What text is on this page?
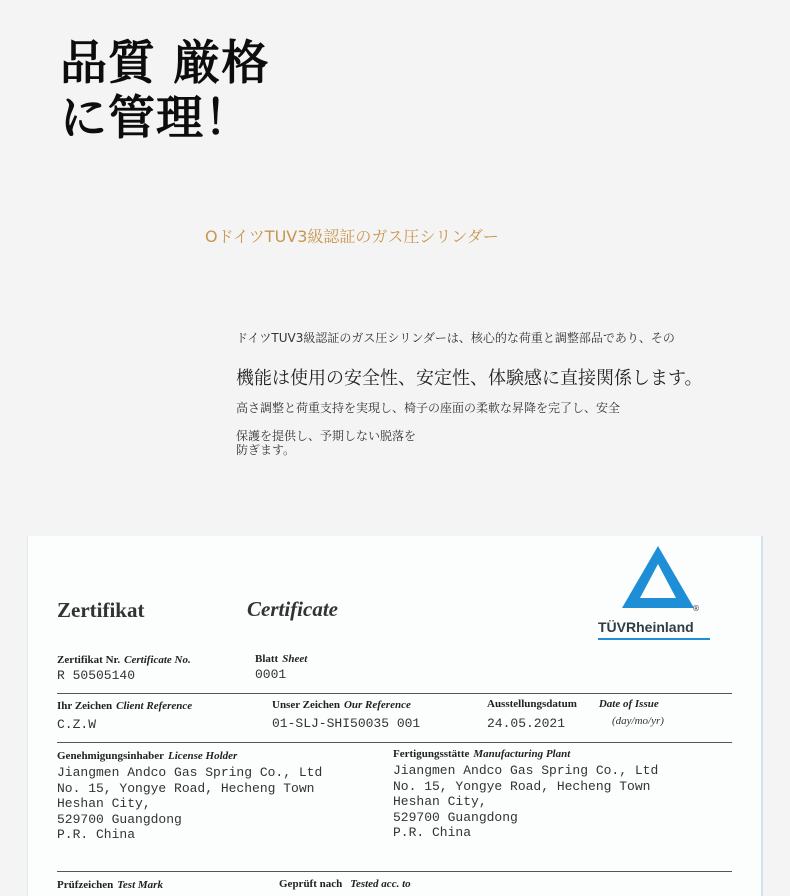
品質 厳格
に管理！
OドイツTUV3級認証のガス圧シリンダー
ドイツTUV3級認証のガス圧シリンダーは、核心的な荷重と調整部品であり、その
機能は使用の安全性、安定性、体験感に直接関係します。
高さ調整と荷重支持を実現し、椅子の座面の柔軟な昇降を完了し、安全
保護を提供し、予期しない脱落を
防ぎます。
Zertifikat	Certificate
TÜVRheinland
®
Zertifikat Nr. Certificate No.
R 50505140
Blatt Sheet
0001
Ihr Zeichen Client Reference
C.Z.W
Unser Zeichen Our Reference
01-SLJ-SHI50035 001
Ausstellungsdatum Date of Issue
24.05.2021	(day/mo/yr)
Genehmigungsinhaber License Holder
Jiangmen Andco Gas Spring Co., Ltd
No. 15, Yongye Road, Hecheng Town
Heshan City,
529700 Guangdong
P.R. China
Fertigungsstätte Manufacturing Plant
Jiangmen Andco Gas Spring Co., Ltd
No. 15, Yongye Road, Hecheng Town
Heshan City,
529700 Guangdong
P.R. China
Prüfzeichen Test Mark	Geprüft nach Tested acc. to
